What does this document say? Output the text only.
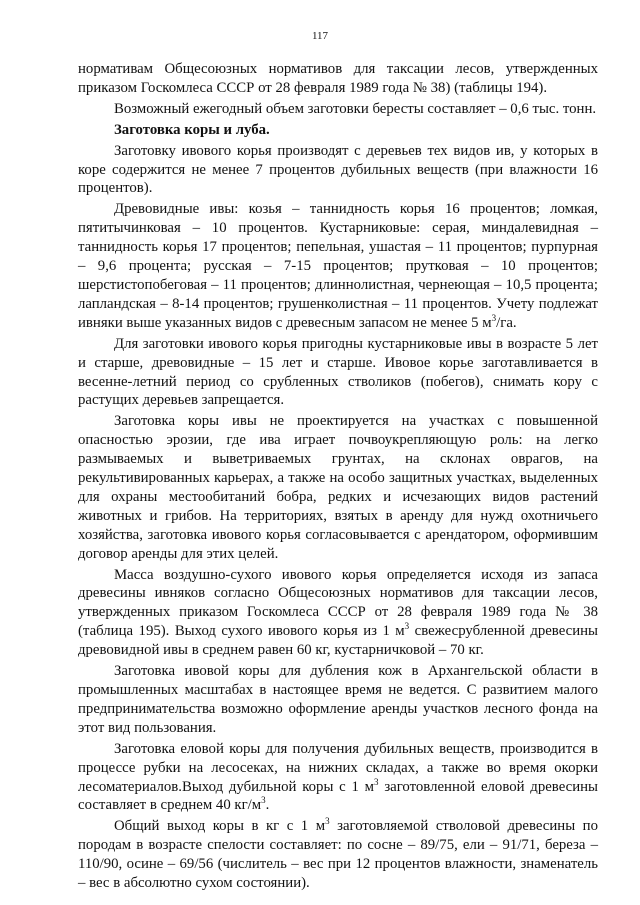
117

нормативам Общесоюзных нормативов для таксации лесов, утвержденных приказом Госкомлеса СССР от 28 февраля 1989 года № 38) (таблицы 194).

Возможный ежегодный объем заготовки бересты составляет – 0,6 тыс. тонн.

Заготовка коры и луба.

Заготовку ивового корья производят с деревьев тех видов ив, у которых в коре содержится не менее 7 процентов дубильных веществ (при влажности 16 процентов).

Древовидные ивы: козья – таннидность корья 16 процентов; ломкая, пятитычинковая – 10 процентов. Кустарниковые: серая, миндалевидная – таннидность корья 17 процентов; пепельная, ушастая – 11 процентов; пурпурная – 9,6 процента; русская – 7-15 процентов; прутковая – 10 процентов; шерстистопобеговая – 11 процентов; длиннолистная, чернеющая – 10,5 процента; лапландская – 8-14 процентов; грушенколистная – 11 процентов. Учету подлежат ивняки выше указанных видов с древесным запасом не менее 5 $м^3/га$.

Для заготовки ивового корья пригодны кустарниковые ивы в возрасте 5 лет и старше, древовидные – 15 лет и старше. Ивовое корье заготавливается в весенне-летний период со срубленных стволиков (побегов), снимать кору с растущих деревьев запрещается.

Заготовка коры ивы не проектируется на участках с повышенной опасностью эрозии, где ива играет почвоукрепляющую роль: на легко размываемых и выветриваемых грунтах, на склонах оврагов, на рекультивированных карьерах, а также на особо защитных участках, выделенных для охраны местообитаний бобра, редких и исчезающих видов растений животных и грибов. На территориях, взятых в аренду для нужд охотничьего хозяйства, заготовка ивового корья согласовывается с арендатором, оформившим договор аренды для этих целей.

Масса воздушно-сухого ивового корья определяется исходя из запаса древесины ивняков согласно Общесоюзных нормативов для таксации лесов, утвержденных приказом Госкомлеса СССР от 28 февраля 1989 года № 38 (таблица 195). Выход сухого ивового корья из 1 $м^3$ свежесрубленной древесины древовидной ивы в среднем равен 60 кг, кустарничковой – 70 кг.

Заготовка ивовой коры для дубления кож в Архангельской области в промышленных масштабах в настоящее время не ведется. С развитием малого предпринимательства возможно оформление аренды участков лесного фонда на этот вид пользования.

Заготовка еловой коры для получения дубильных веществ, производится в процессе рубки на лесосеках, на нижних складах, а также во время окорки лесоматериалов.Выход дубильной коры с 1 $м^3$ заготовленной еловой древесины составляет в среднем 40 $кг/м^3$.

Общий выход коры в кг с 1 $м^3$ заготовляемой стволовой древесины по породам в возрасте спелости составляет: по сосне – 89/75, ели – 91/71, береза – 110/90, осине – 69/56 (числитель – вес при 12 процентов влажности, знаменатель – вес в абсолютно сухом состоянии).
